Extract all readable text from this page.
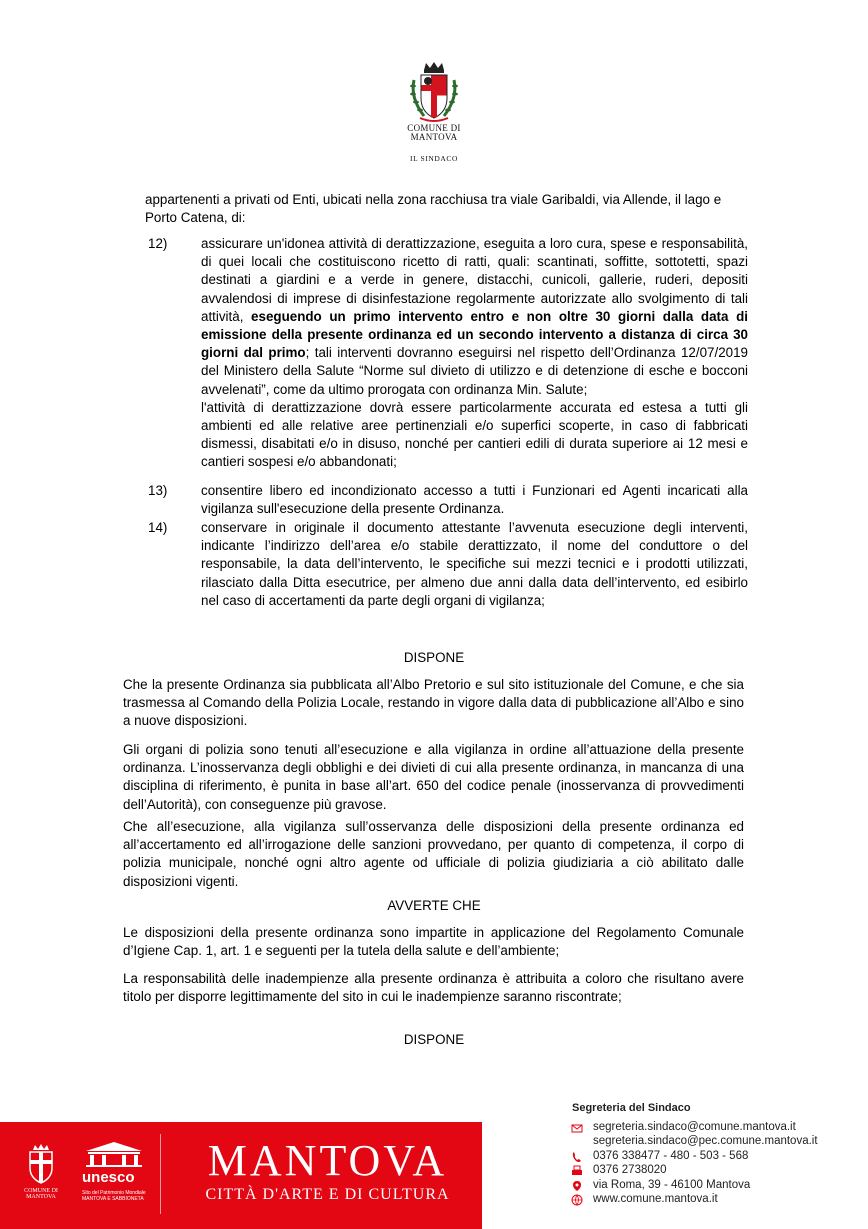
COMUNE DI
MANTOVA
IL SINDACO
appartenenti a privati od Enti, ubicati nella zona racchiusa tra viale Garibaldi, via Allende, il lago e Porto Catena, di:
12)	assicurare un'idonea attività di derattizzazione, eseguita a loro cura, spese e responsabilità, di quei locali che costituiscono ricetto di ratti, quali: scantinati, soffitte, sottotetti, spazi destinati a giardini e a verde in genere, distacchi, cunicoli, gallerie, ruderi, depositi avvalendosi di imprese di disinfestazione regolarmente autorizzate allo svolgimento di tali attività, eseguendo un primo intervento entro e non oltre 30 giorni dalla data di emissione della presente ordinanza ed un secondo intervento a distanza di circa 30 giorni dal primo; tali interventi dovranno eseguirsi nel rispetto dell’Ordinanza 12/07/2019 del Ministero della Salute “Norme sul divieto di utilizzo e di detenzione di esche e bocconi avvelenati”, come da ultimo prorogata con ordinanza Min. Salute;

l'attività di derattizzazione dovrà essere particolarmente accurata ed estesa a tutti gli ambienti ed alle relative aree pertinenziali e/o superfici scoperte, in caso di fabbricati dismessi, disabitati e/o in disuso, nonché per cantieri edili di durata superiore ai 12 mesi e cantieri sospesi e/o abbandonati;

13)	consentire libero ed incondizionato accesso a tutti i Funzionari ed Agenti incaricati alla vigilanza sull'esecuzione della presente Ordinanza.
14)	conservare in originale il documento attestante l’avvenuta esecuzione degli interventi, indicante l’indirizzo dell’area e/o stabile derattizzato, il nome del conduttore o del responsabile, la data dell’intervento, le specifiche sui mezzi tecnici e i prodotti utilizzati, rilasciato dalla Ditta esecutrice, per almeno due anni dalla data dell’intervento, ed esibirlo nel caso di accertamenti da parte degli organi di vigilanza;
DISPONE
Che la presente Ordinanza sia pubblicata all’Albo Pretorio e sul sito istituzionale del Comune, e che sia trasmessa al Comando della Polizia Locale, restando in vigore dalla data di pubblicazione all’Albo e sino a nuove disposizioni.
Gli organi di polizia sono tenuti all’esecuzione e alla vigilanza in ordine all’attuazione della presente ordinanza. L’inosservanza degli obblighi e dei divieti di cui alla presente ordinanza, in mancanza di una disciplina di riferimento, è punita in base all’art. 650 del codice penale (inosservanza di provvedimenti dell’Autorità), con conseguenze più gravose.
Che all’esecuzione, alla vigilanza sull’osservanza delle disposizioni della presente ordinanza ed all’accertamento ed all’irrogazione delle sanzioni provvedano, per quanto di competenza, il corpo di polizia municipale, nonché ogni altro agente od ufficiale di polizia giudiziaria a ciò abilitato dalle disposizioni vigenti.
AVVERTE CHE
Le disposizioni della presente ordinanza sono impartite in applicazione del Regolamento Comunale d’Igiene Cap. 1, art. 1 e seguenti per la tutela della salute e dell’ambiente;
La responsabilità delle inadempienze alla presente ordinanza è attribuita a coloro che risultano avere titolo per disporre legittimamente del sito in cui le inadempienze saranno riscontrate;
DISPONE
COMUNE DI MANTOVA
unesco
Sito del Patrimonio Mondiale MANTOVA E SABBIONETA
MANTOVA
CITTÀ D'ARTE E DI CULTURA
Segreteria del Sindaco
segreteria.sindaco@comune.mantova.it
segreteria.sindaco@pec.comune.mantova.it
0376 338477 - 480 - 503 - 568
0376 2738020
via Roma, 39 - 46100 Mantova
www.comune.mantova.it
